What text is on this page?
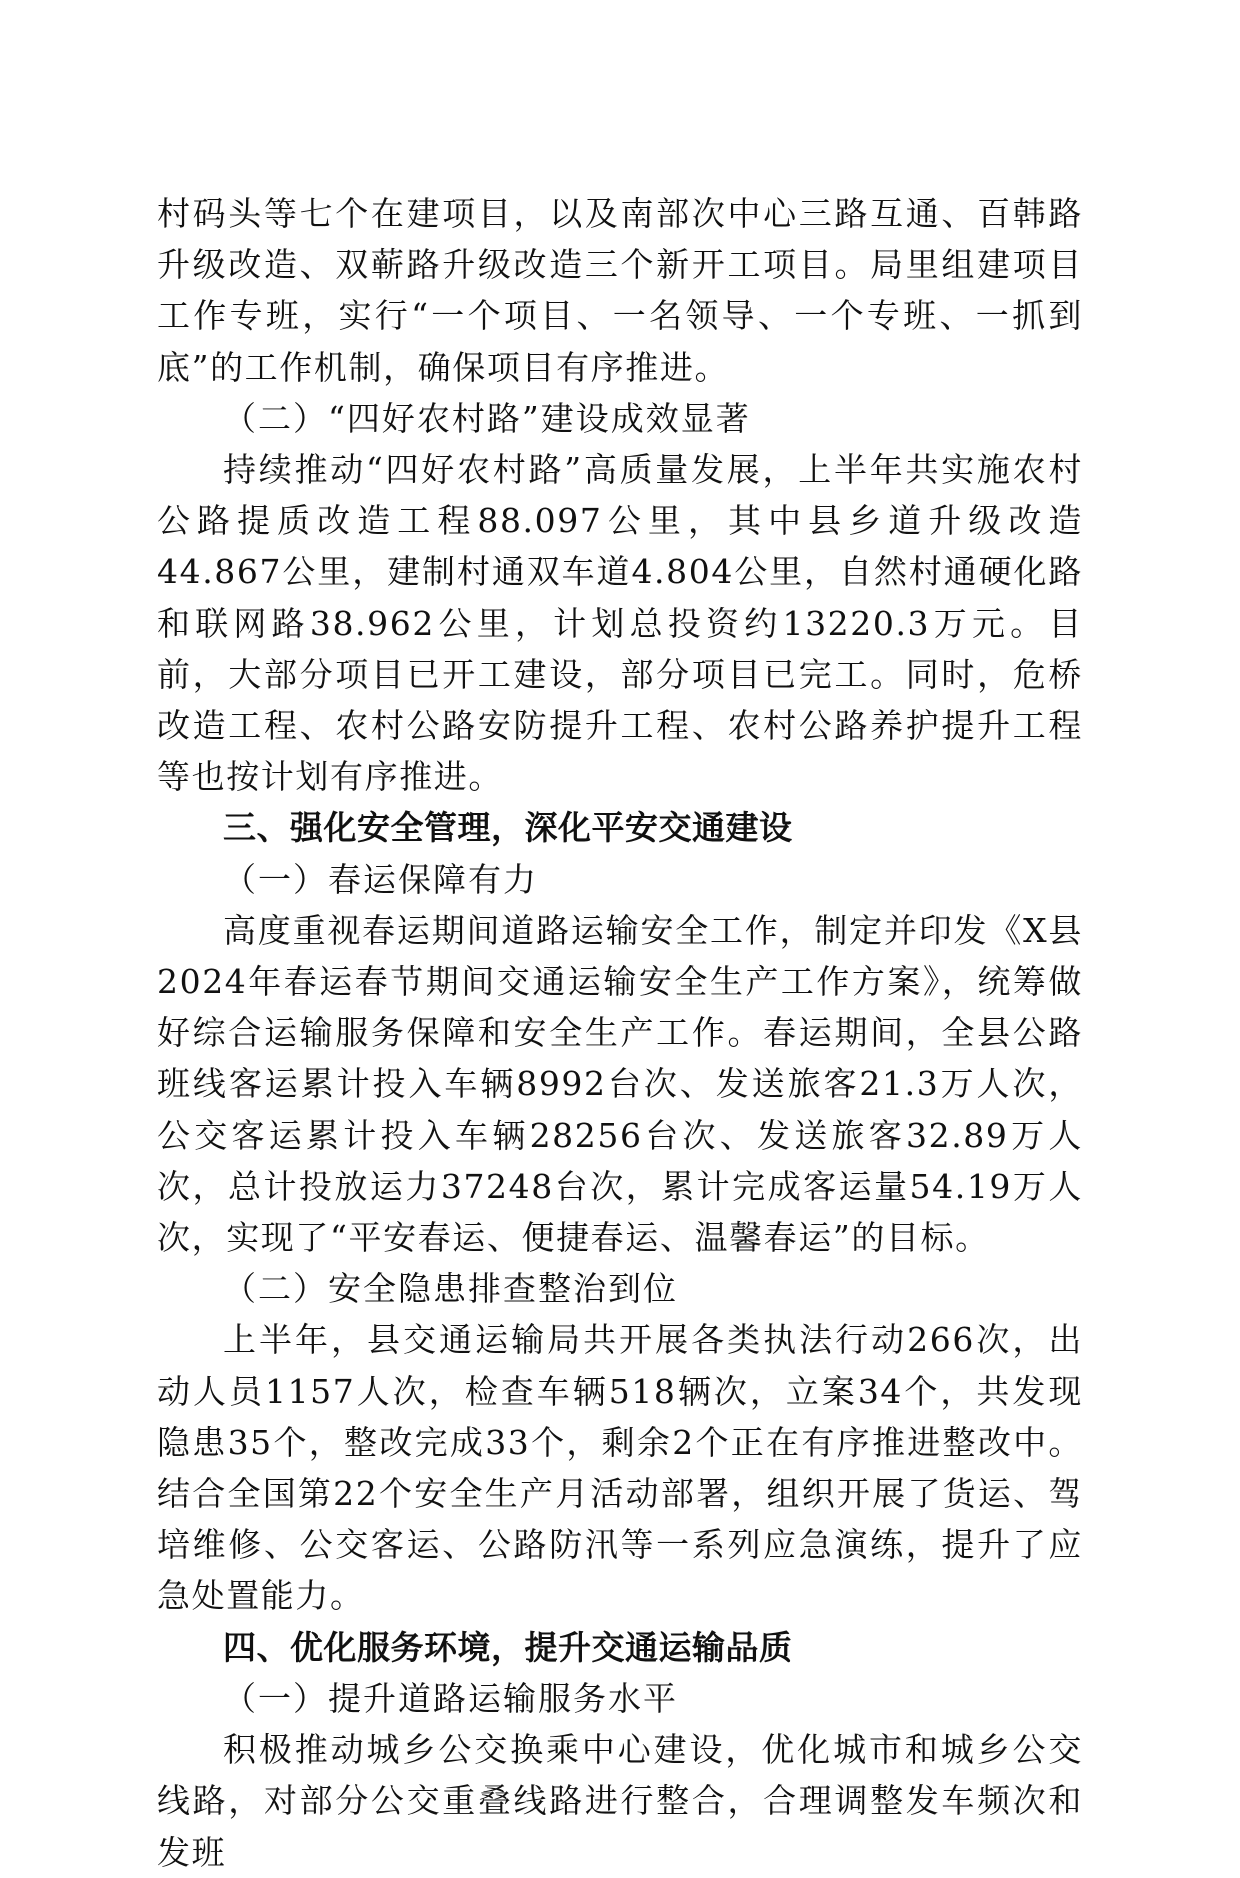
村码头等七个在建项目，以及南部次中心三路互通、百韩路升级改造、双蕲路升级改造三个新开工项目。局里组建项目工作专班，实行“一个项目、一名领导、一个专班、一抓到底”的工作机制，确保项目有序推进。

（二）“四好农村路”建设成效显著

持续推动“四好农村路”高质量发展，上半年共实施农村公路提质改造工程88.097公里，其中县乡道升级改造44.867公里，建制村通双车道4.804公里，自然村通硬化路和联网路38.962公里，计划总投资约13220.3万元。目前，大部分项目已开工建设，部分项目已完工。同时，危桥改造工程、农村公路安防提升工程、农村公路养护提升工程等也按计划有序推进。

三、强化安全管理，深化平安交通建设

（一）春运保障有力

高度重视春运期间道路运输安全工作，制定并印发《X县2024年春运春节期间交通运输安全生产工作方案》，统筹做好综合运输服务保障和安全生产工作。春运期间，全县公路班线客运累计投入车辆8992台次、发送旅客21.3万人次，公交客运累计投入车辆28256台次、发送旅客32.89万人次，总计投放运力37248台次，累计完成客运量54.19万人次，实现了“平安春运、便捷春运、温馨春运”的目标。

（二）安全隐患排查整治到位

上半年，县交通运输局共开展各类执法行动266次，出动人员1157人次，检查车辆518辆次，立案34个，共发现隐患35个，整改完成33个，剩余2个正在有序推进整改中。结合全国第22个安全生产月活动部署，组织开展了货运、驾培维修、公交客运、公路防汛等一系列应急演练，提升了应急处置能力。

四、优化服务环境，提升交通运输品质

（一）提升道路运输服务水平

积极推动城乡公交换乘中心建设，优化城市和城乡公交线路，对部分公交重叠线路进行整合，合理调整发车频次和发班
